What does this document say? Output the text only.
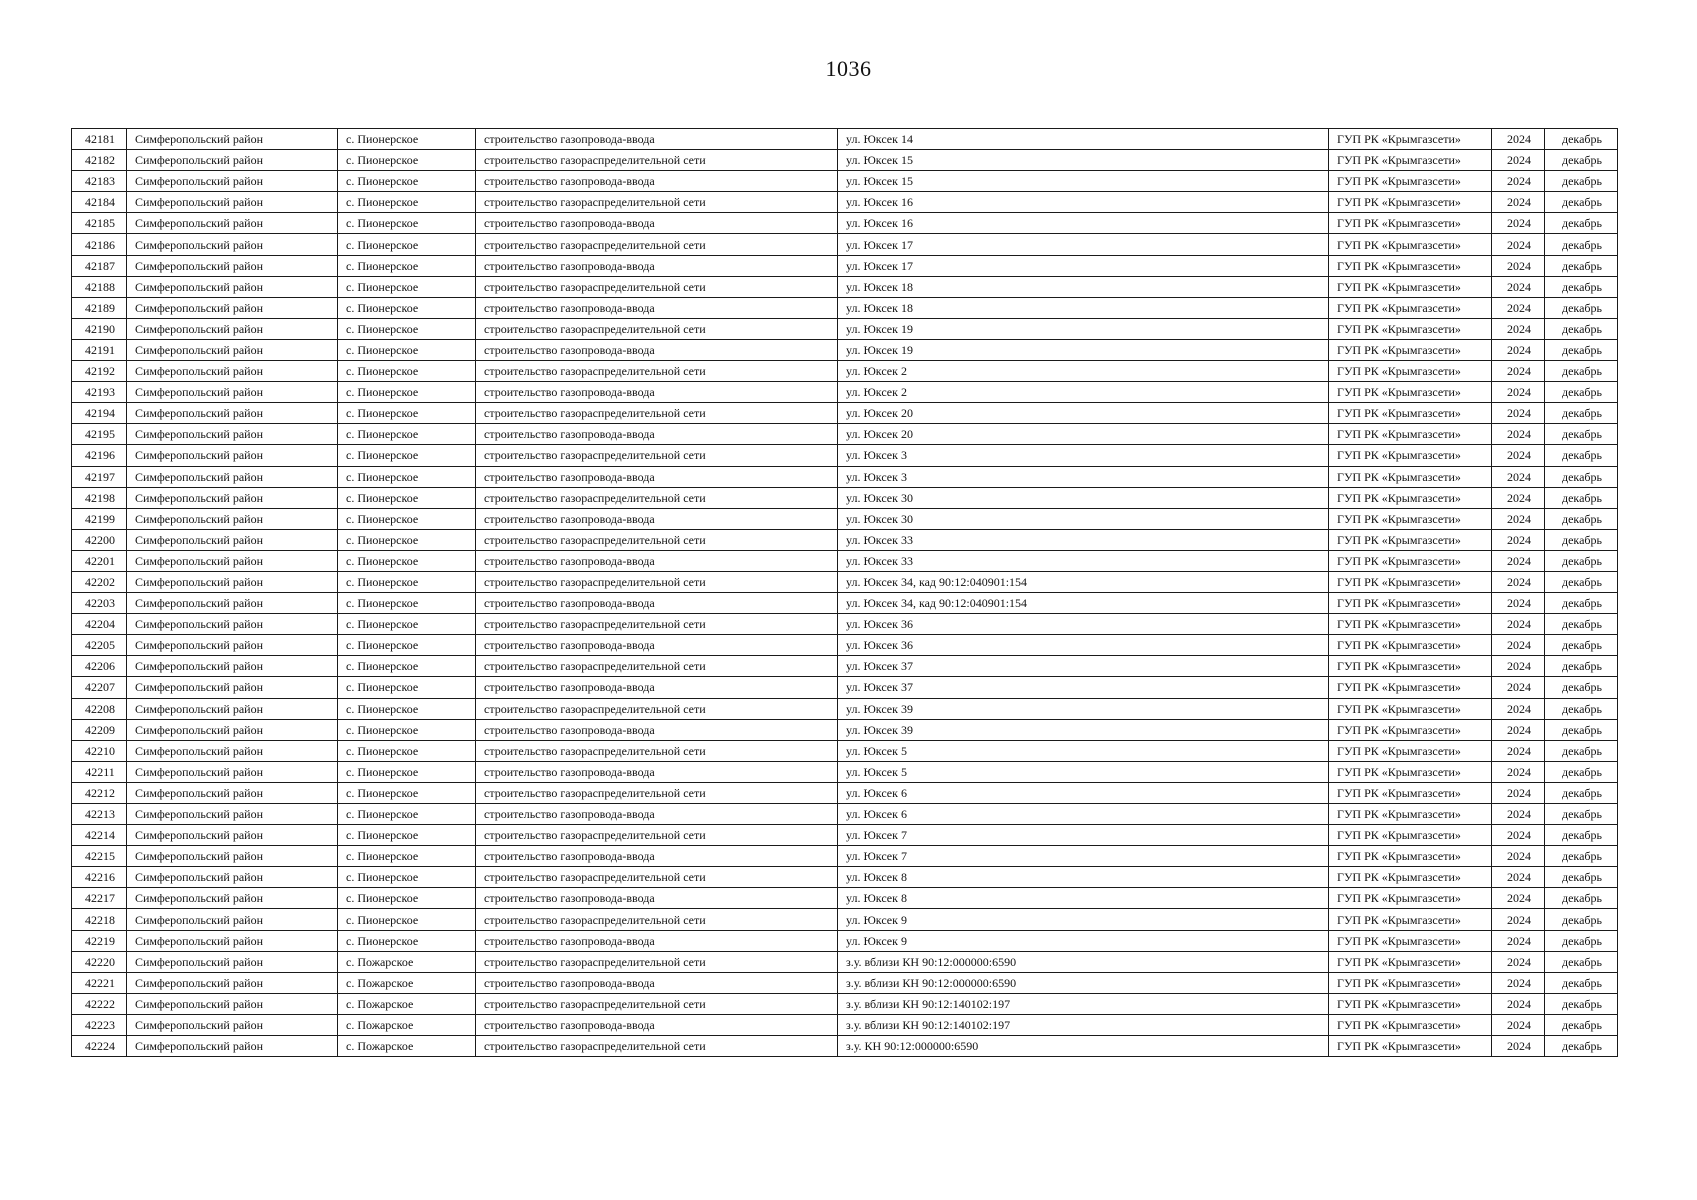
1036
42181	Симферопольский район	с. Пионерское	строительство газопровода-ввода	ул. Юксек 14	ГУП РК «Крымгазсети»	2024	декабрь
42182	Симферопольский район	с. Пионерское	строительство газораспределительной сети	ул. Юксек 15	ГУП РК «Крымгазсети»	2024	декабрь
42183	Симферопольский район	с. Пионерское	строительство газопровода-ввода	ул. Юксек 15	ГУП РК «Крымгазсети»	2024	декабрь
42184	Симферопольский район	с. Пионерское	строительство газораспределительной сети	ул. Юксек 16	ГУП РК «Крымгазсети»	2024	декабрь
42185	Симферопольский район	с. Пионерское	строительство газопровода-ввода	ул. Юксек 16	ГУП РК «Крымгазсети»	2024	декабрь
42186	Симферопольский район	с. Пионерское	строительство газораспределительной сети	ул. Юксек 17	ГУП РК «Крымгазсети»	2024	декабрь
42187	Симферопольский район	с. Пионерское	строительство газопровода-ввода	ул. Юксек 17	ГУП РК «Крымгазсети»	2024	декабрь
42188	Симферопольский район	с. Пионерское	строительство газораспределительной сети	ул. Юксек 18	ГУП РК «Крымгазсети»	2024	декабрь
42189	Симферопольский район	с. Пионерское	строительство газопровода-ввода	ул. Юксек 18	ГУП РК «Крымгазсети»	2024	декабрь
42190	Симферопольский район	с. Пионерское	строительство газораспределительной сети	ул. Юксек 19	ГУП РК «Крымгазсети»	2024	декабрь
42191	Симферопольский район	с. Пионерское	строительство газопровода-ввода	ул. Юксек 19	ГУП РК «Крымгазсети»	2024	декабрь
42192	Симферопольский район	с. Пионерское	строительство газораспределительной сети	ул. Юксек 2	ГУП РК «Крымгазсети»	2024	декабрь
42193	Симферопольский район	с. Пионерское	строительство газопровода-ввода	ул. Юксек 2	ГУП РК «Крымгазсети»	2024	декабрь
42194	Симферопольский район	с. Пионерское	строительство газораспределительной сети	ул. Юксек 20	ГУП РК «Крымгазсети»	2024	декабрь
42195	Симферопольский район	с. Пионерское	строительство газопровода-ввода	ул. Юксек 20	ГУП РК «Крымгазсети»	2024	декабрь
42196	Симферопольский район	с. Пионерское	строительство газораспределительной сети	ул. Юксек 3	ГУП РК «Крымгазсети»	2024	декабрь
42197	Симферопольский район	с. Пионерское	строительство газопровода-ввода	ул. Юксек 3	ГУП РК «Крымгазсети»	2024	декабрь
42198	Симферопольский район	с. Пионерское	строительство газораспределительной сети	ул. Юксек 30	ГУП РК «Крымгазсети»	2024	декабрь
42199	Симферопольский район	с. Пионерское	строительство газопровода-ввода	ул. Юксек 30	ГУП РК «Крымгазсети»	2024	декабрь
42200	Симферопольский район	с. Пионерское	строительство газораспределительной сети	ул. Юксек 33	ГУП РК «Крымгазсети»	2024	декабрь
42201	Симферопольский район	с. Пионерское	строительство газопровода-ввода	ул. Юксек 33	ГУП РК «Крымгазсети»	2024	декабрь
42202	Симферопольский район	с. Пионерское	строительство газораспределительной сети	ул. Юксек 34, кад 90:12:040901:154	ГУП РК «Крымгазсети»	2024	декабрь
42203	Симферопольский район	с. Пионерское	строительство газопровода-ввода	ул. Юксек 34, кад 90:12:040901:154	ГУП РК «Крымгазсети»	2024	декабрь
42204	Симферопольский район	с. Пионерское	строительство газораспределительной сети	ул. Юксек 36	ГУП РК «Крымгазсети»	2024	декабрь
42205	Симферопольский район	с. Пионерское	строительство газопровода-ввода	ул. Юксек 36	ГУП РК «Крымгазсети»	2024	декабрь
42206	Симферопольский район	с. Пионерское	строительство газораспределительной сети	ул. Юксек 37	ГУП РК «Крымгазсети»	2024	декабрь
42207	Симферопольский район	с. Пионерское	строительство газопровода-ввода	ул. Юксек 37	ГУП РК «Крымгазсети»	2024	декабрь
42208	Симферопольский район	с. Пионерское	строительство газораспределительной сети	ул. Юксек 39	ГУП РК «Крымгазсети»	2024	декабрь
42209	Симферопольский район	с. Пионерское	строительство газопровода-ввода	ул. Юксек 39	ГУП РК «Крымгазсети»	2024	декабрь
42210	Симферопольский район	с. Пионерское	строительство газораспределительной сети	ул. Юксек 5	ГУП РК «Крымгазсети»	2024	декабрь
42211	Симферопольский район	с. Пионерское	строительство газопровода-ввода	ул. Юксек 5	ГУП РК «Крымгазсети»	2024	декабрь
42212	Симферопольский район	с. Пионерское	строительство газораспределительной сети	ул. Юксек 6	ГУП РК «Крымгазсети»	2024	декабрь
42213	Симферопольский район	с. Пионерское	строительство газопровода-ввода	ул. Юксек 6	ГУП РК «Крымгазсети»	2024	декабрь
42214	Симферопольский район	с. Пионерское	строительство газораспределительной сети	ул. Юксек 7	ГУП РК «Крымгазсети»	2024	декабрь
42215	Симферопольский район	с. Пионерское	строительство газопровода-ввода	ул. Юксек 7	ГУП РК «Крымгазсети»	2024	декабрь
42216	Симферопольский район	с. Пионерское	строительство газораспределительной сети	ул. Юксек 8	ГУП РК «Крымгазсети»	2024	декабрь
42217	Симферопольский район	с. Пионерское	строительство газопровода-ввода	ул. Юксек 8	ГУП РК «Крымгазсети»	2024	декабрь
42218	Симферопольский район	с. Пионерское	строительство газораспределительной сети	ул. Юксек 9	ГУП РК «Крымгазсети»	2024	декабрь
42219	Симферопольский район	с. Пионерское	строительство газопровода-ввода	ул. Юксек 9	ГУП РК «Крымгазсети»	2024	декабрь
42220	Симферопольский район	с. Пожарское	строительство газораспределительной сети	з.у. вблизи КН 90:12:000000:6590	ГУП РК «Крымгазсети»	2024	декабрь
42221	Симферопольский район	с. Пожарское	строительство газопровода-ввода	з.у. вблизи КН 90:12:000000:6590	ГУП РК «Крымгазсети»	2024	декабрь
42222	Симферопольский район	с. Пожарское	строительство газораспределительной сети	з.у. вблизи КН 90:12:140102:197	ГУП РК «Крымгазсети»	2024	декабрь
42223	Симферопольский район	с. Пожарское	строительство газопровода-ввода	з.у. вблизи КН 90:12:140102:197	ГУП РК «Крымгазсети»	2024	декабрь
42224	Симферопольский район	с. Пожарское	строительство газораспределительной сети	з.у. КН 90:12:000000:6590	ГУП РК «Крымгазсети»	2024	декабрь
